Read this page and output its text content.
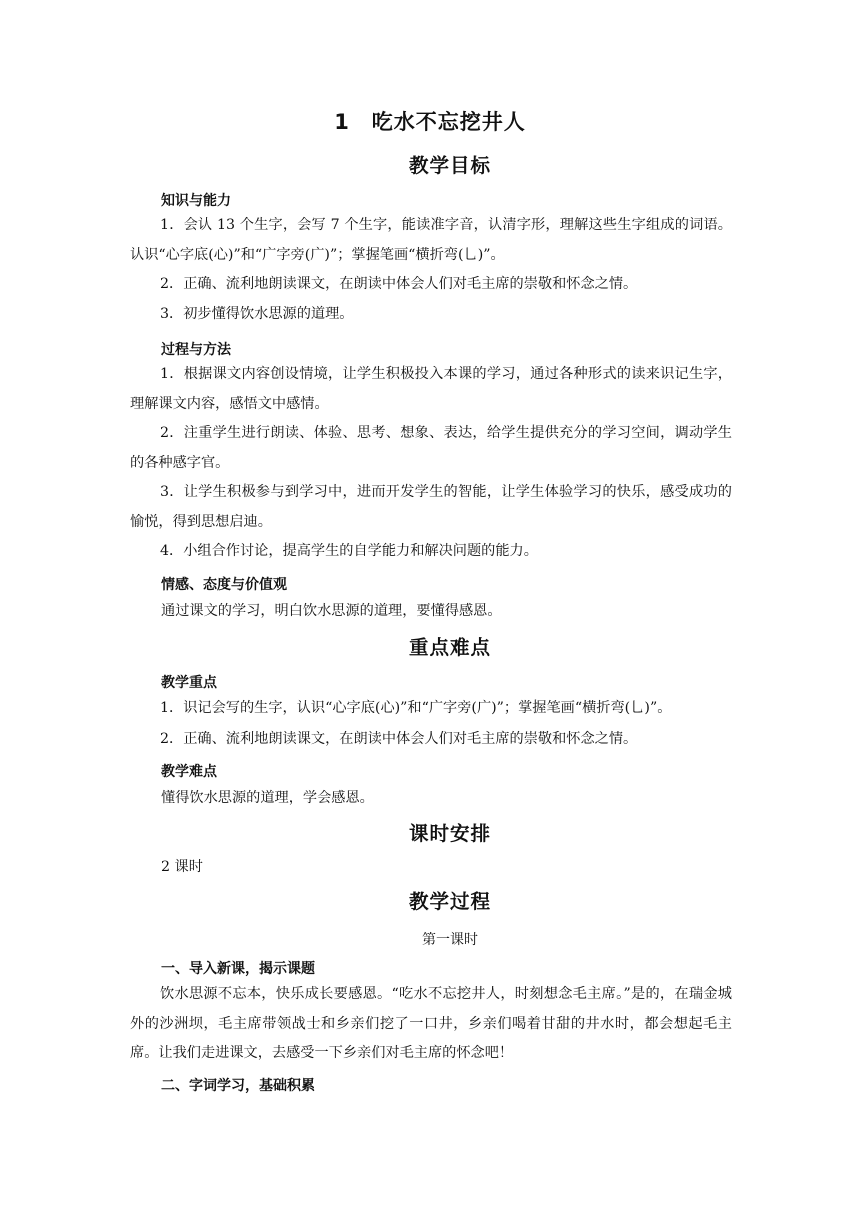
1　吃水不忘挖井人
教学目标
知识与能力
1．会认 13 个生字，会写 7 个生字，能读准字音，认清字形，理解这些生字组成的词语。认识“心字底(心)”和“广字旁(广)”；掌握笔画“横折弯(乚)”。
2．正确、流利地朗读课文，在朗读中体会人们对毛主席的崇敬和怀念之情。
3．初步懂得饮水思源的道理。
过程与方法
1．根据课文内容创设情境，让学生积极投入本课的学习，通过各种形式的读来识记生字，理解课文内容，感悟文中感情。
2．注重学生进行朗读、体验、思考、想象、表达，给学生提供充分的学习空间，调动学生的各种感字官。
3．让学生积极参与到学习中，进而开发学生的智能，让学生体验学习的快乐，感受成功的愉悦，得到思想启迪。
4．小组合作讨论，提高学生的自学能力和解决问题的能力。
情感、态度与价值观
通过课文的学习，明白饮水思源的道理，要懂得感恩。
重点难点
教学重点
1．识记会写的生字，认识“心字底(心)”和“广字旁(广)”；掌握笔画“横折弯(乚)”。
2．正确、流利地朗读课文，在朗读中体会人们对毛主席的崇敬和怀念之情。
教学难点
懂得饮水思源的道理，学会感恩。
课时安排
2 课时
教学过程
第一课时
一、导入新课，揭示课题
饮水思源不忘本，快乐成长要感恩。“吃水不忘挖井人，时刻想念毛主席。”是的，在瑞金城外的沙洲坝，毛主席带领战士和乡亲们挖了一口井，乡亲们喝着甘甜的井水时，都会想起毛主席。让我们走进课文，去感受一下乡亲们对毛主席的怀念吧！
二、字词学习，基础积累
